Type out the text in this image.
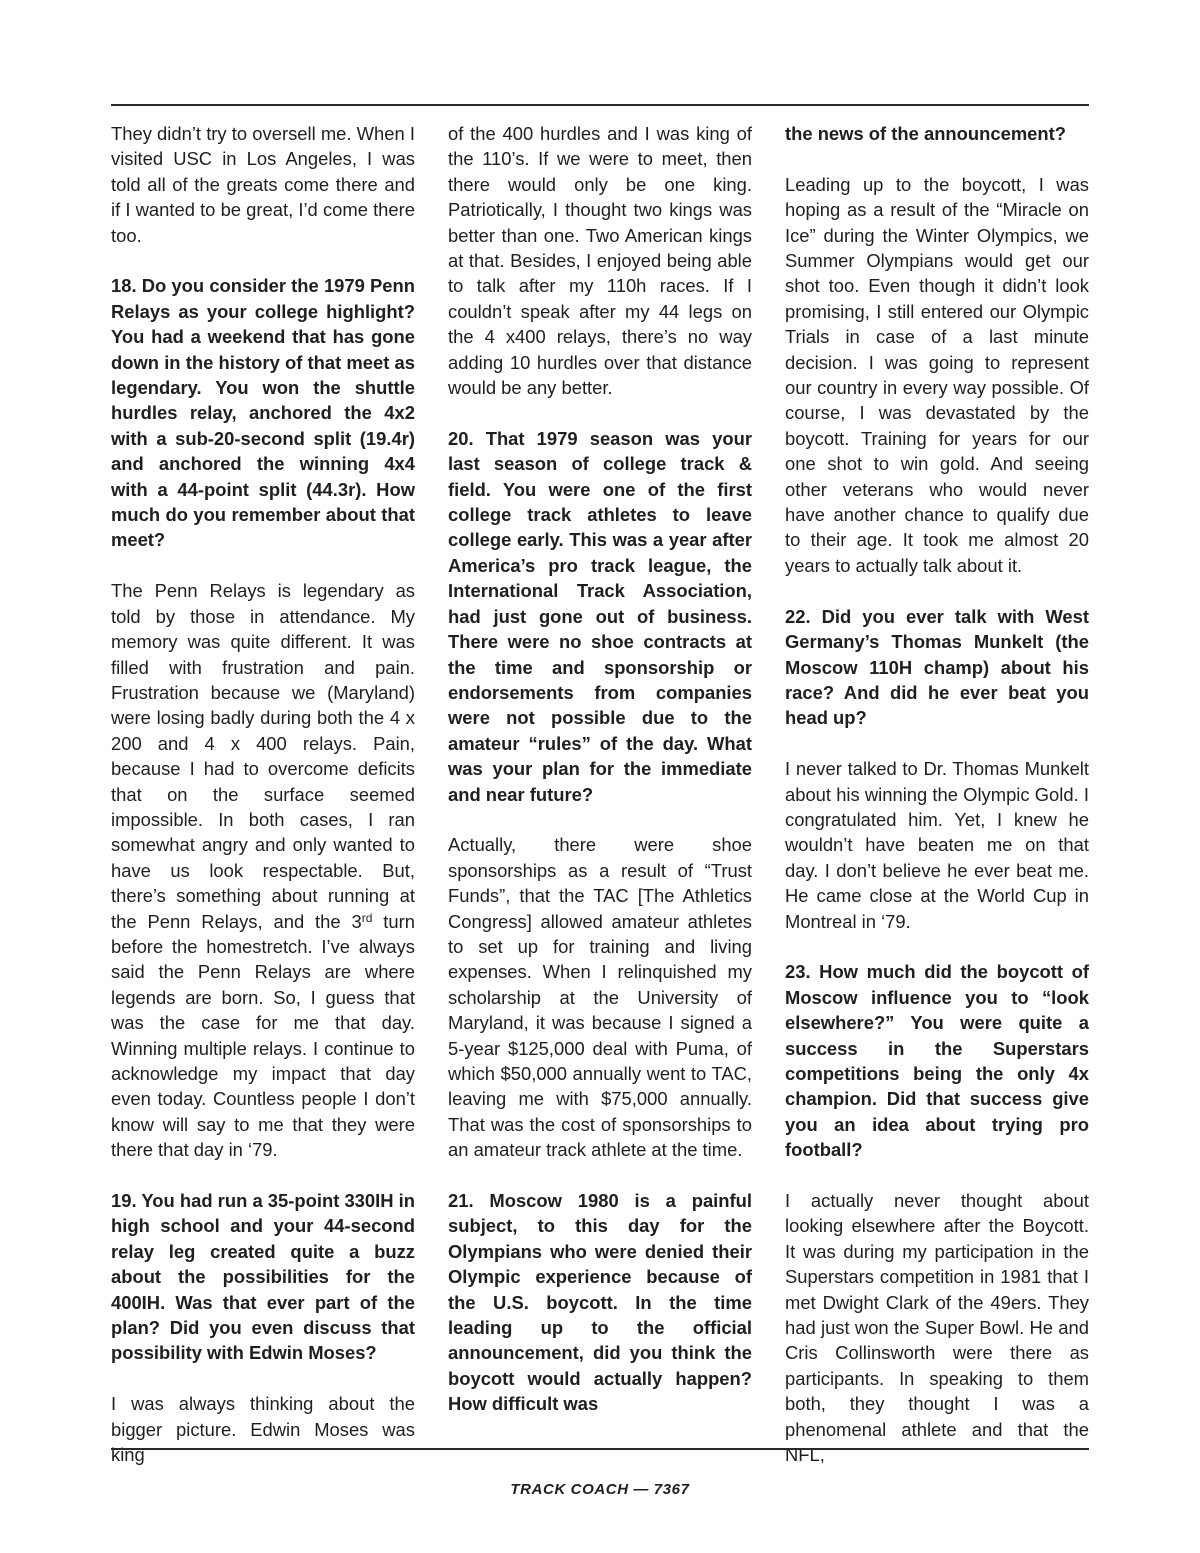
They didn’t try to oversell me. When I visited USC in Los Angeles, I was told all of the greats come there and if I wanted to be great, I’d come there too.

18. Do you consider the 1979 Penn Relays as your college highlight? You had a weekend that has gone down in the history of that meet as legendary. You won the shuttle hurdles relay, anchored the 4x2 with a sub-20-second split (19.4r) and anchored the winning 4x4 with a 44-point split (44.3r). How much do you remember about that meet?

The Penn Relays is legendary as told by those in attendance. My memory was quite different. It was filled with frustration and pain. Frustration because we (Maryland) were losing badly during both the 4 x 200 and 4 x 400 relays. Pain, because I had to overcome deficits that on the surface seemed impossible. In both cases, I ran somewhat angry and only wanted to have us look respectable. But, there’s something about running at the Penn Relays, and the 3rd turn before the homestretch. I’ve always said the Penn Relays are where legends are born. So, I guess that was the case for me that day. Winning multiple relays. I continue to acknowledge my impact that day even today. Countless people I don’t know will say to me that they were there that day in ‘79.

19. You had run a 35-point 330IH in high school and your 44-second relay leg created quite a buzz about the possibilities for the 400IH. Was that ever part of the plan? Did you even discuss that possibility with Edwin Moses?

I was always thinking about the bigger picture. Edwin Moses was king

of the 400 hurdles and I was king of the 110’s. If we were to meet, then there would only be one king. Patriotically, I thought two kings was better than one. Two American kings at that. Besides, I enjoyed being able to talk after my 110h races. If I couldn’t speak after my 44 legs on the 4 x400 relays, there’s no way adding 10 hurdles over that distance would be any better.

20. That 1979 season was your last season of college track & field. You were one of the first college track athletes to leave college early. This was a year after America’s pro track league, the International Track Association, had just gone out of business. There were no shoe contracts at the time and sponsorship or endorsements from companies were not possible due to the amateur “rules” of the day. What was your plan for the immediate and near future?

Actually, there were shoe sponsorships as a result of “Trust Funds”, that the TAC [The Athletics Congress] allowed amateur athletes to set up for training and living expenses. When I relinquished my scholarship at the University of Maryland, it was because I signed a 5-year $125,000 deal with Puma, of which $50,000 annually went to TAC, leaving me with $75,000 annually. That was the cost of sponsorships to an amateur track athlete at the time.

21. Moscow 1980 is a painful subject, to this day for the Olympians who were denied their Olympic experience because of the U.S. boycott. In the time leading up to the official announcement, did you think the boycott would actually happen? How difficult was

the news of the announcement?

Leading up to the boycott, I was hoping as a result of the “Miracle on Ice” during the Winter Olympics, we Summer Olympians would get our shot too. Even though it didn’t look promising, I still entered our Olympic Trials in case of a last minute decision. I was going to represent our country in every way possible. Of course, I was devastated by the boycott. Training for years for our one shot to win gold. And seeing other veterans who would never have another chance to qualify due to their age. It took me almost 20 years to actually talk about it.

22. Did you ever talk with West Germany’s Thomas Munkelt (the Moscow 110H champ) about his race? And did he ever beat you head up?

I never talked to Dr. Thomas Munkelt about his winning the Olympic Gold. I congratulated him. Yet, I knew he wouldn’t have beaten me on that day. I don’t believe he ever beat me. He came close at the World Cup in Montreal in ‘79.

23. How much did the boycott of Moscow influence you to “look elsewhere?” You were quite a success in the Superstars competitions being the only 4x champion. Did that success give you an idea about trying pro football?

I actually never thought about looking elsewhere after the Boycott. It was during my participation in the Superstars competition in 1981 that I met Dwight Clark of the 49ers. They had just won the Super Bowl. He and Cris Collinsworth were there as participants. In speaking to them both, they thought I was a phenomenal athlete and that the NFL,

TRACK COACH — 7367
